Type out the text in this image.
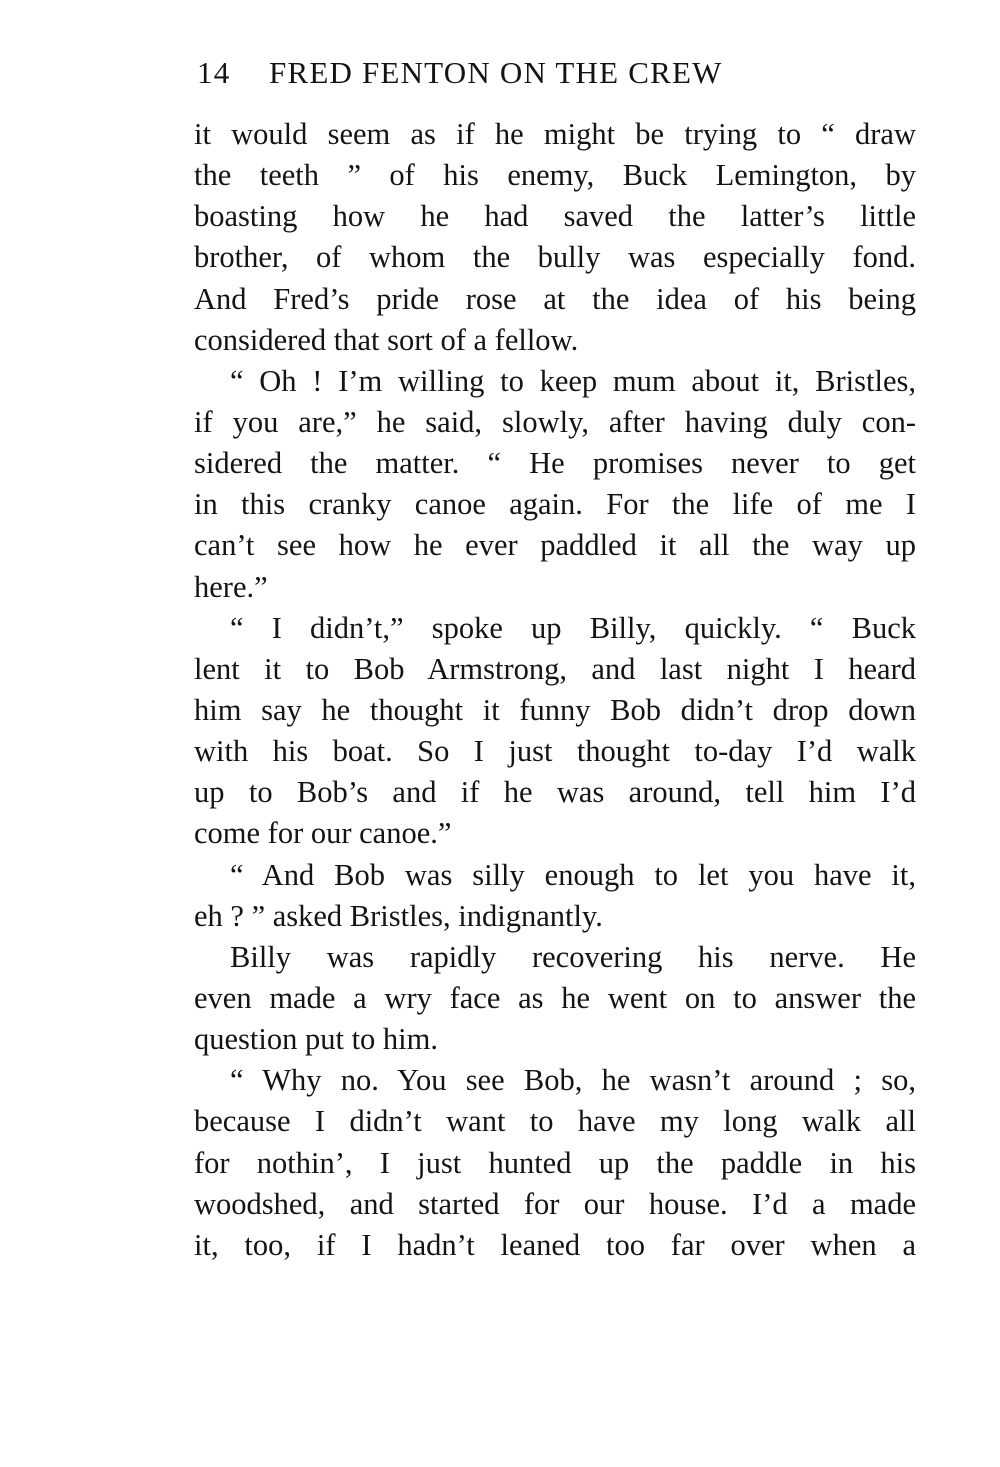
14 FRED FENTON ON THE CREW
it would seem as if he might be trying to “ draw
the teeth ” of his enemy, Buck Lemington, by
boasting how he had saved the latter’s little
brother, of whom the bully was especially fond.
And Fred’s pride rose at the idea of his being
considered that sort of a fellow.
“ Oh ! I’m willing to keep mum about it, Bristles,
if you are,” he said, slowly, after having duly con-
sidered the matter. “ He promises never to get
in this cranky canoe again. For the life of me I
can’t see how he ever paddled it all the way up
here.”
“ I didn’t,” spoke up Billy, quickly. “ Buck
lent it to Bob Armstrong, and last night I heard
him say he thought it funny Bob didn’t drop down
with his boat. So I just thought to-day I’d walk
up to Bob’s and if he was around, tell him I’d
come for our canoe.”
“ And Bob was silly enough to let you have it,
eh ? ” asked Bristles, indignantly.
Billy was rapidly recovering his nerve. He
even made a wry face as he went on to answer the
question put to him.
“ Why no. You see Bob, he wasn’t around ; so,
because I didn’t want to have my long walk all
for nothin’, I just hunted up the paddle in his
woodshed, and started for our house. I’d a made
it, too, if I hadn’t leaned too far over when a
